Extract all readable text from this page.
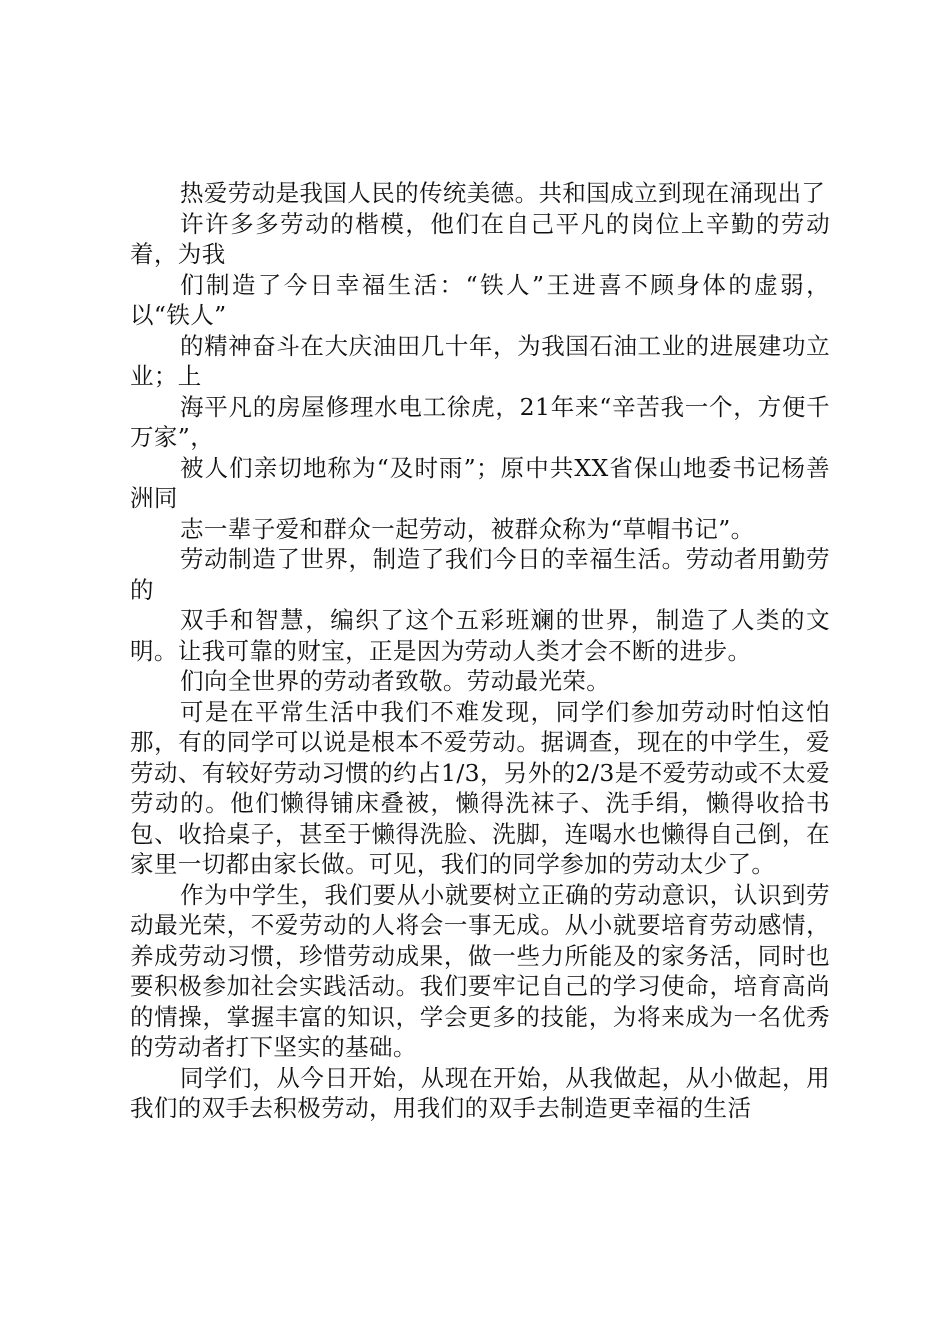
热爱劳动是我国人民的传统美德。共和国成立到现在涌现出了

许许多多劳动的楷模，他们在自己平凡的岗位上辛勤的劳动着，为我

们制造了今日幸福生活：“铁人”王进喜不顾身体的虚弱，以“铁人”

的精神奋斗在大庆油田几十年，为我国石油工业的进展建功立业；上

海平凡的房屋修理水电工徐虎，21年来“辛苦我一个，方便千万家”，

被人们亲切地称为“及时雨”；原中共XX省保山地委书记杨善洲同

志一辈子爱和群众一起劳动，被群众称为“草帽书记”。

劳动制造了世界，制造了我们今日的幸福生活。劳动者用勤劳的

双手和智慧，编织了这个五彩班斓的世界，制造了人类的文明。让我可靠的财宝，正是因为劳动人类才会不断的进步。

们向全世界的劳动者致敬。劳动最光荣。

可是在平常生活中我们不难发现，同学们参加劳动时怕这怕那，有的同学可以说是根本不爱劳动。据调查，现在的中学生，爱劳动、有较好劳动习惯的约占1/3，另外的2/3是不爱劳动或不太爱劳动的。他们懒得铺床叠被，懒得洗袜子、洗手绢，懒得收拾书包、收拾桌子，甚至于懒得洗脸、洗脚，连喝水也懒得自己倒，在家里一切都由家长做。可见，我们的同学参加的劳动太少了。

作为中学生，我们要从小就要树立正确的劳动意识，认识到劳动最光荣，不爱劳动的人将会一事无成。从小就要培育劳动感情，养成劳动习惯，珍惜劳动成果，做一些力所能及的家务活，同时也要积极参加社会实践活动。我们要牢记自己的学习使命，培育高尚的情操，掌握丰富的知识，学会更多的技能，为将来成为一名优秀的劳动者打下坚实的基础。

同学们，从今日开始，从现在开始，从我做起，从小做起，用我们的双手去积极劳动，用我们的双手去制造更幸福的生活
